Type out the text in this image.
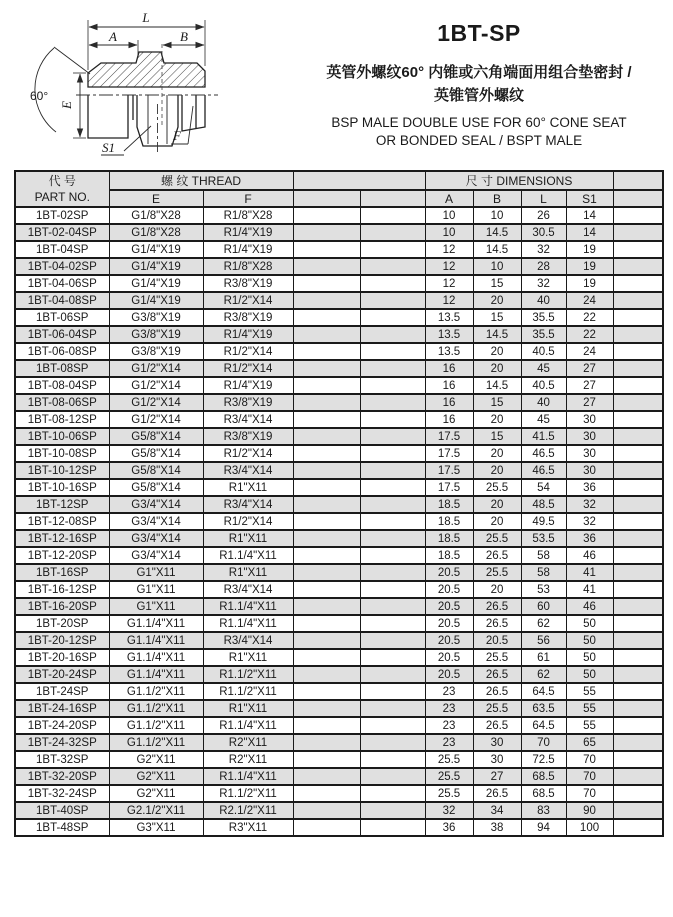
L
A	B
E
60°
S1
F
1BT-SP
英管外螺纹60° 内锥或六角端面用组合垫密封 /
英锥管外螺纹
BSP MALE DOUBLE USE FOR 60° CONE SEAT
OR BONDED SEAL / BSPT MALE
代 号
PART NO.	螺 纹 THREAD				尺 寸 DIMENSIONS				
	E	F			A	B	L	S1	
1BT-02SP	G1/8"X28	R1/8"X28			10	10	26	14	
1BT-02-04SP	G1/8"X28	R1/4"X19			10	14.5	30.5	14	
1BT-04SP	G1/4"X19	R1/4"X19			12	14.5	32	19	
1BT-04-02SP	G1/4"X19	R1/8"X28			12	10	28	19	
1BT-04-06SP	G1/4"X19	R3/8"X19			12	15	32	19	
1BT-04-08SP	G1/4"X19	R1/2"X14			12	20	40	24	
1BT-06SP	G3/8"X19	R3/8"X19			13.5	15	35.5	22	
1BT-06-04SP	G3/8"X19	R1/4"X19			13.5	14.5	35.5	22	
1BT-06-08SP	G3/8"X19	R1/2"X14			13.5	20	40.5	24	
1BT-08SP	G1/2"X14	R1/2"X14			16	20	45	27	
1BT-08-04SP	G1/2"X14	R1/4"X19			16	14.5	40.5	27	
1BT-08-06SP	G1/2"X14	R3/8"X19			16	15	40	27	
1BT-08-12SP	G1/2"X14	R3/4"X14			16	20	45	30	
1BT-10-06SP	G5/8"X14	R3/8"X19			17.5	15	41.5	30	
1BT-10-08SP	G5/8"X14	R1/2"X14			17.5	20	46.5	30	
1BT-10-12SP	G5/8"X14	R3/4"X14			17.5	20	46.5	30	
1BT-10-16SP	G5/8"X14	R1"X11			17.5	25.5	54	36	
1BT-12SP	G3/4"X14	R3/4"X14			18.5	20	48.5	32	
1BT-12-08SP	G3/4"X14	R1/2"X14			18.5	20	49.5	32	
1BT-12-16SP	G3/4"X14	R1"X11			18.5	25.5	53.5	36	
1BT-12-20SP	G3/4"X14	R1.1/4"X11			18.5	26.5	58	46	
1BT-16SP	G1"X11	R1"X11			20.5	25.5	58	41	
1BT-16-12SP	G1"X11	R3/4"X14			20.5	20	53	41	
1BT-16-20SP	G1"X11	R1.1/4"X11			20.5	26.5	60	46	
1BT-20SP	G1.1/4"X11	R1.1/4"X11			20.5	26.5	62	50	
1BT-20-12SP	G1.1/4"X11	R3/4"X14			20.5	20.5	56	50	
1BT-20-16SP	G1.1/4"X11	R1"X11			20.5	25.5	61	50	
1BT-20-24SP	G1.1/4"X11	R1.1/2"X11			20.5	26.5	62	50	
1BT-24SP	G1.1/2"X11	R1.1/2"X11			23	26.5	64.5	55	
1BT-24-16SP	G1.1/2"X11	R1"X11			23	25.5	63.5	55	
1BT-24-20SP	G1.1/2"X11	R1.1/4"X11			23	26.5	64.5	55	
1BT-24-32SP	G1.1/2"X11	R2"X11			23	30	70	65	
1BT-32SP	G2"X11	R2"X11			25.5	30	72.5	70	
1BT-32-20SP	G2"X11	R1.1/4"X11			25.5	27	68.5	70	
1BT-32-24SP	G2"X11	R1.1/2"X11			25.5	26.5	68.5	70	
1BT-40SP	G2.1/2"X11	R2.1/2"X11			32	34	83	90	
1BT-48SP	G3"X11	R3"X11			36	38	94	100	
